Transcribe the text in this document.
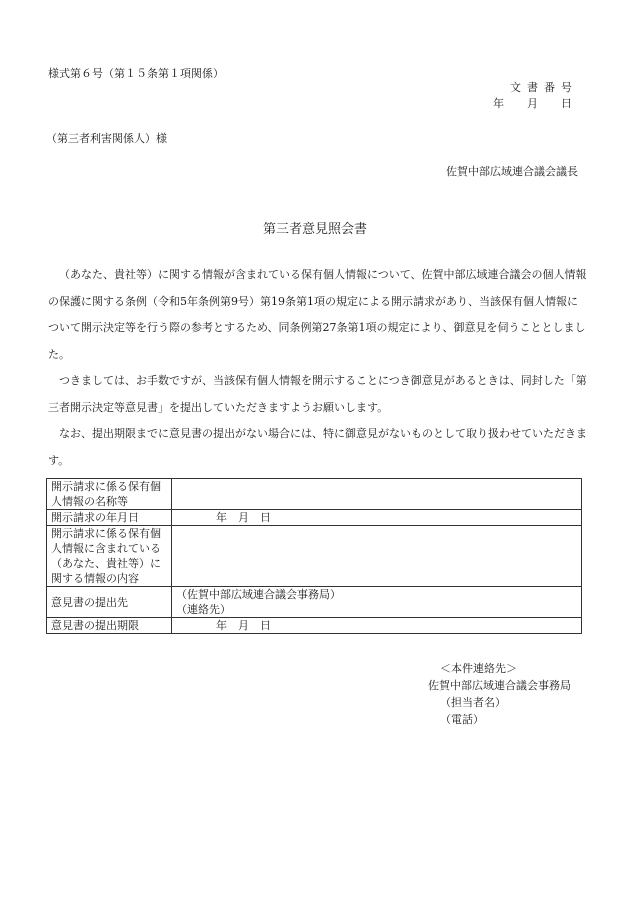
様式第６号（第１５条第１項関係）
文書番号
年　月　日
（第三者利害関係人）様
佐賀中部広域連合議会議長
第三者意見照会書

（あなた、貴社等）に関する情報が含まれている保有個人情報について、佐賀中部広域連合議会の個人情報の保護に関する条例（令和5年条例第9号）第19条第1項の規定による開示請求があり、当該保有個人情報について開示決定等を行う際の参考とするため、同条例第27条第1項の規定により、御意見を伺うこととしました。

つきましては、お手数ですが、当該保有個人情報を開示することにつき御意見があるときは、同封した「第三者開示決定等意見書」を提出していただきますようお願いします。

なお、提出期限までに意見書の提出がない場合には、特に御意見がないものとして取り扱わせていただきます。

開示請求に係る保有個人情報の名称等	
開示請求の年月日	　　年　月　日
開示請求に係る保有個人情報に含まれている（あなた、貴社等）に関する情報の内容	
意見書の提出先	（佐賀中部広域連合議会事務局）
（連絡先）

意見書の提出期限	　　年　月　日
＜本件連絡先＞
佐賀中部広域連合議会事務局
（担当者名）
（電話）
